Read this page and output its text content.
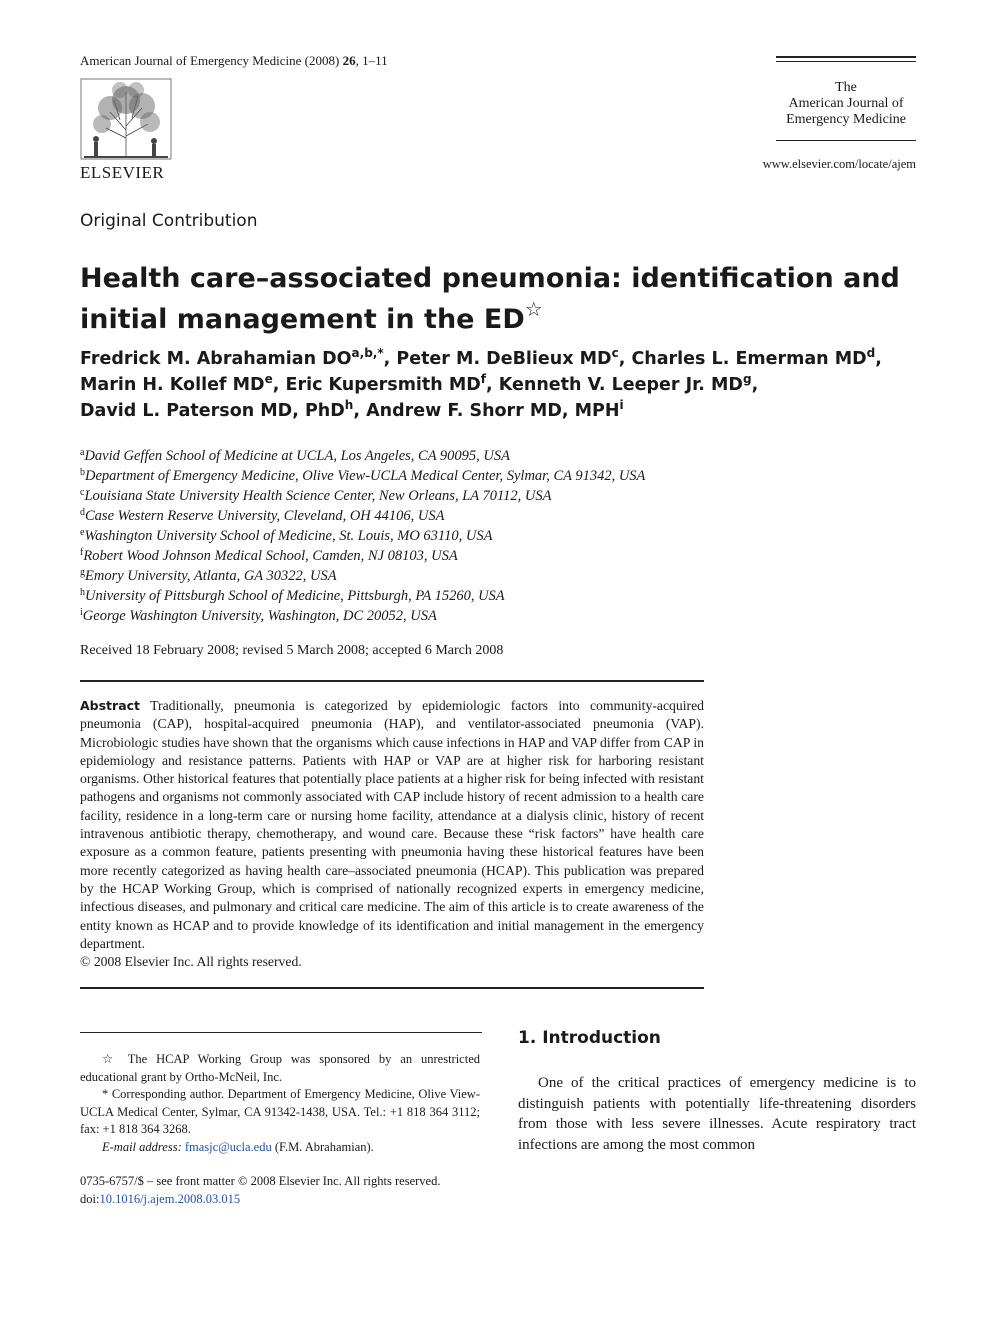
American Journal of Emergency Medicine (2008) 26, 1–11
ELSEVIER
The
American Journal of
Emergency Medicine
www.elsevier.com/locate/ajem
Original Contribution
Health care–associated pneumonia: identification and
initial management in the ED☆
Fredrick M. Abrahamian $DO^{a,b,*}$, Peter M. DeBlieux $MD^c$, Charles L. Emerman $MD^d$,
Marin H. Kollef MDe, Eric Kupersmith $MD^f$, Kenneth V. Leeper Jr. $MD^g$,
David L. Paterson MD, PhD$^h$, Andrew F. Shorr MD, MPH$^i$
$^a$David Geffen School of Medicine at UCLA, Los Angeles, CA 90095, USA
$^b$Department of Emergency Medicine, Olive View-UCLA Medical Center, Sylmar, CA 91342, USA
$^c$Louisiana State University Health Science Center, New Orleans, LA 70112, USA
$^d$Case Western Reserve University, Cleveland, OH 44106, USA
$^e$Washington University School of Medicine, St. Louis, MO 63110, USA
$^f$Robert Wood Johnson Medical School, Camden, NJ 08103, USA
$^g$Emory University, Atlanta, GA 30322, USA
$^h$University of Pittsburgh School of Medicine, Pittsburgh, PA 15260, USA
$^i$George Washington University, Washington, DC 20052, USA
Received 18 February 2008; revised 5 March 2008; accepted 6 March 2008
Abstract Traditionally, pneumonia is categorized by epidemiologic factors into community-acquired pneumonia (CAP), hospital-acquired pneumonia (HAP), and ventilator-associated pneumonia (VAP). Microbiologic studies have shown that the organisms which cause infections in HAP and VAP differ from CAP in epidemiology and resistance patterns. Patients with HAP or VAP are at higher risk for harboring resistant organisms. Other historical features that potentially place patients at a higher risk for being infected with resistant pathogens and organisms not commonly associated with CAP include history of recent admission to a health care facility, residence in a long-term care or nursing home facility, attendance at a dialysis clinic, history of recent intravenous antibiotic therapy, chemotherapy, and wound care. Because these “risk factors” have health care exposure as a common feature, patients presenting with pneumonia having these historical features have been more recently categorized as having health care–associated pneumonia (HCAP). This publication was prepared by the HCAP Working Group, which is comprised of nationally recognized experts in emergency medicine, infectious diseases, and pulmonary and critical care medicine. The aim of this article is to create awareness of the entity known as HCAP and to provide knowledge of its identification and initial management in the emergency department.
© 2008 Elsevier Inc. All rights reserved.
☆ The HCAP Working Group was sponsored by an unrestricted educational grant by Ortho-McNeil, Inc.
* Corresponding author. Department of Emergency Medicine, Olive View-UCLA Medical Center, Sylmar, CA 91342-1438, USA. Tel.: +1 818 364 3112; fax: +1 818 364 3268.
E-mail address: fmasjc@ucla.edu (F.M. Abrahamian).
0735-6757/$ – see front matter © 2008 Elsevier Inc. All rights reserved.
doi:10.1016/j.ajem.2008.03.015
1. Introduction

One of the critical practices of emergency medicine is to distinguish patients with potentially life-threatening disorders from those with less severe illnesses. Acute respiratory tract infections are among the most common
